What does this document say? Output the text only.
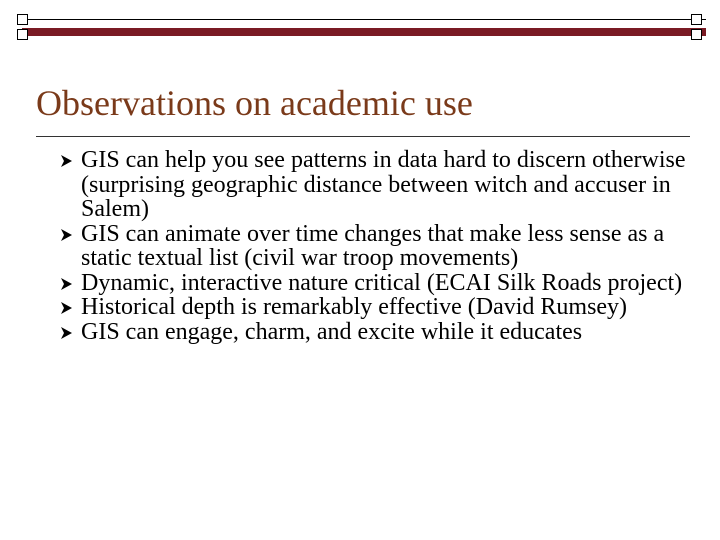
Observations on academic use
GIS can help you see patterns in data hard to discern otherwise (surprising geographic distance between witch and accuser in Salem)
GIS can animate over time changes that make less sense as a static textual list (civil war troop movements)
Dynamic, interactive nature critical (ECAI Silk Roads project)
Historical depth is remarkably effective (David Rumsey)
GIS can engage, charm, and excite while it educates
